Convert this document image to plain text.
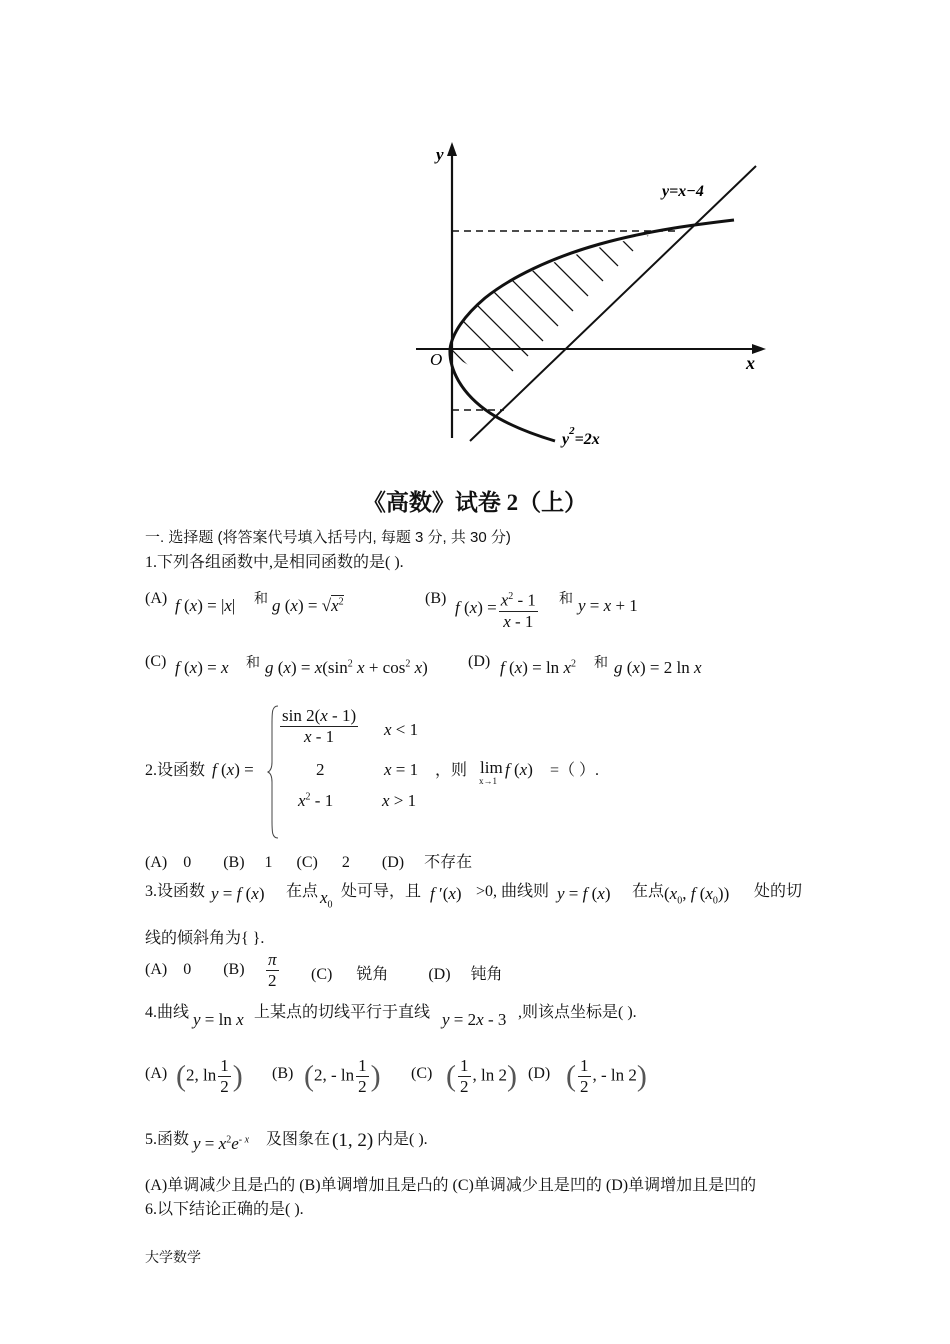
y
O	x
y=x−4
$y^2=2x$
《高数》试卷 2（上）
一. 选择题 (将答案代号填入括号内, 每题 3 分, 共 30 分)
1.下列各组函数中,是相同函数的是( ).
(A) f (x) = |x| 和 g $(x) = √x^2$	(B) f $(x) = \frac{x^2 - 1}{x - 1}$ 和 y = x + 1
(C) f (x) = x 和 g $(x) = x(\sin^2$ $x + \cos^2 x$)	(D) f $(x) = \ln x^2$ 和 g (x) = 2 ln x
2.设函数 f (x) =
$\frac{\sin 2(x - 1)}{x - 1}$ x < 1
2	x = 1
$x^2 - 1$	x > 1
，则 lim
x→1
f (x) =（ ）.
(A)    0        (B)     1      (C)      2        (D)     不存在
3.设函数 y = f (x) 在点 $x_0$
处可导，且 f ′(x) >0, 曲线则 y = f (x) 在点 ($x_0$, f $(x_0)$) 处的切
线的倾斜角为{ }.
(A)    0        $(B) \frac{\pi}{2} (C)$      锐角          (D)     钝角
4.曲线 y = ln x 上某点的切线平行于直线 y = 2x - 3 ,则该点坐标是( ).
(A) (2, $\ln \frac{1}{2}$ ) (B) (2, - $\ln \frac{1}{2}$ ) (C) ( $\frac{1}{2}$ , ln 2) (D) ( $\frac{1}{2}$ , - ln 2)
5.函数 $y = x^2e^{- x}$ 及图象在 (1, 2) 内是( ).
(A)单调减少且是凸的 (B)单调增加且是凸的 (C)单调减少且是凹的 (D)单调增加且是凹的
6.以下结论正确的是( ).
大学数学
